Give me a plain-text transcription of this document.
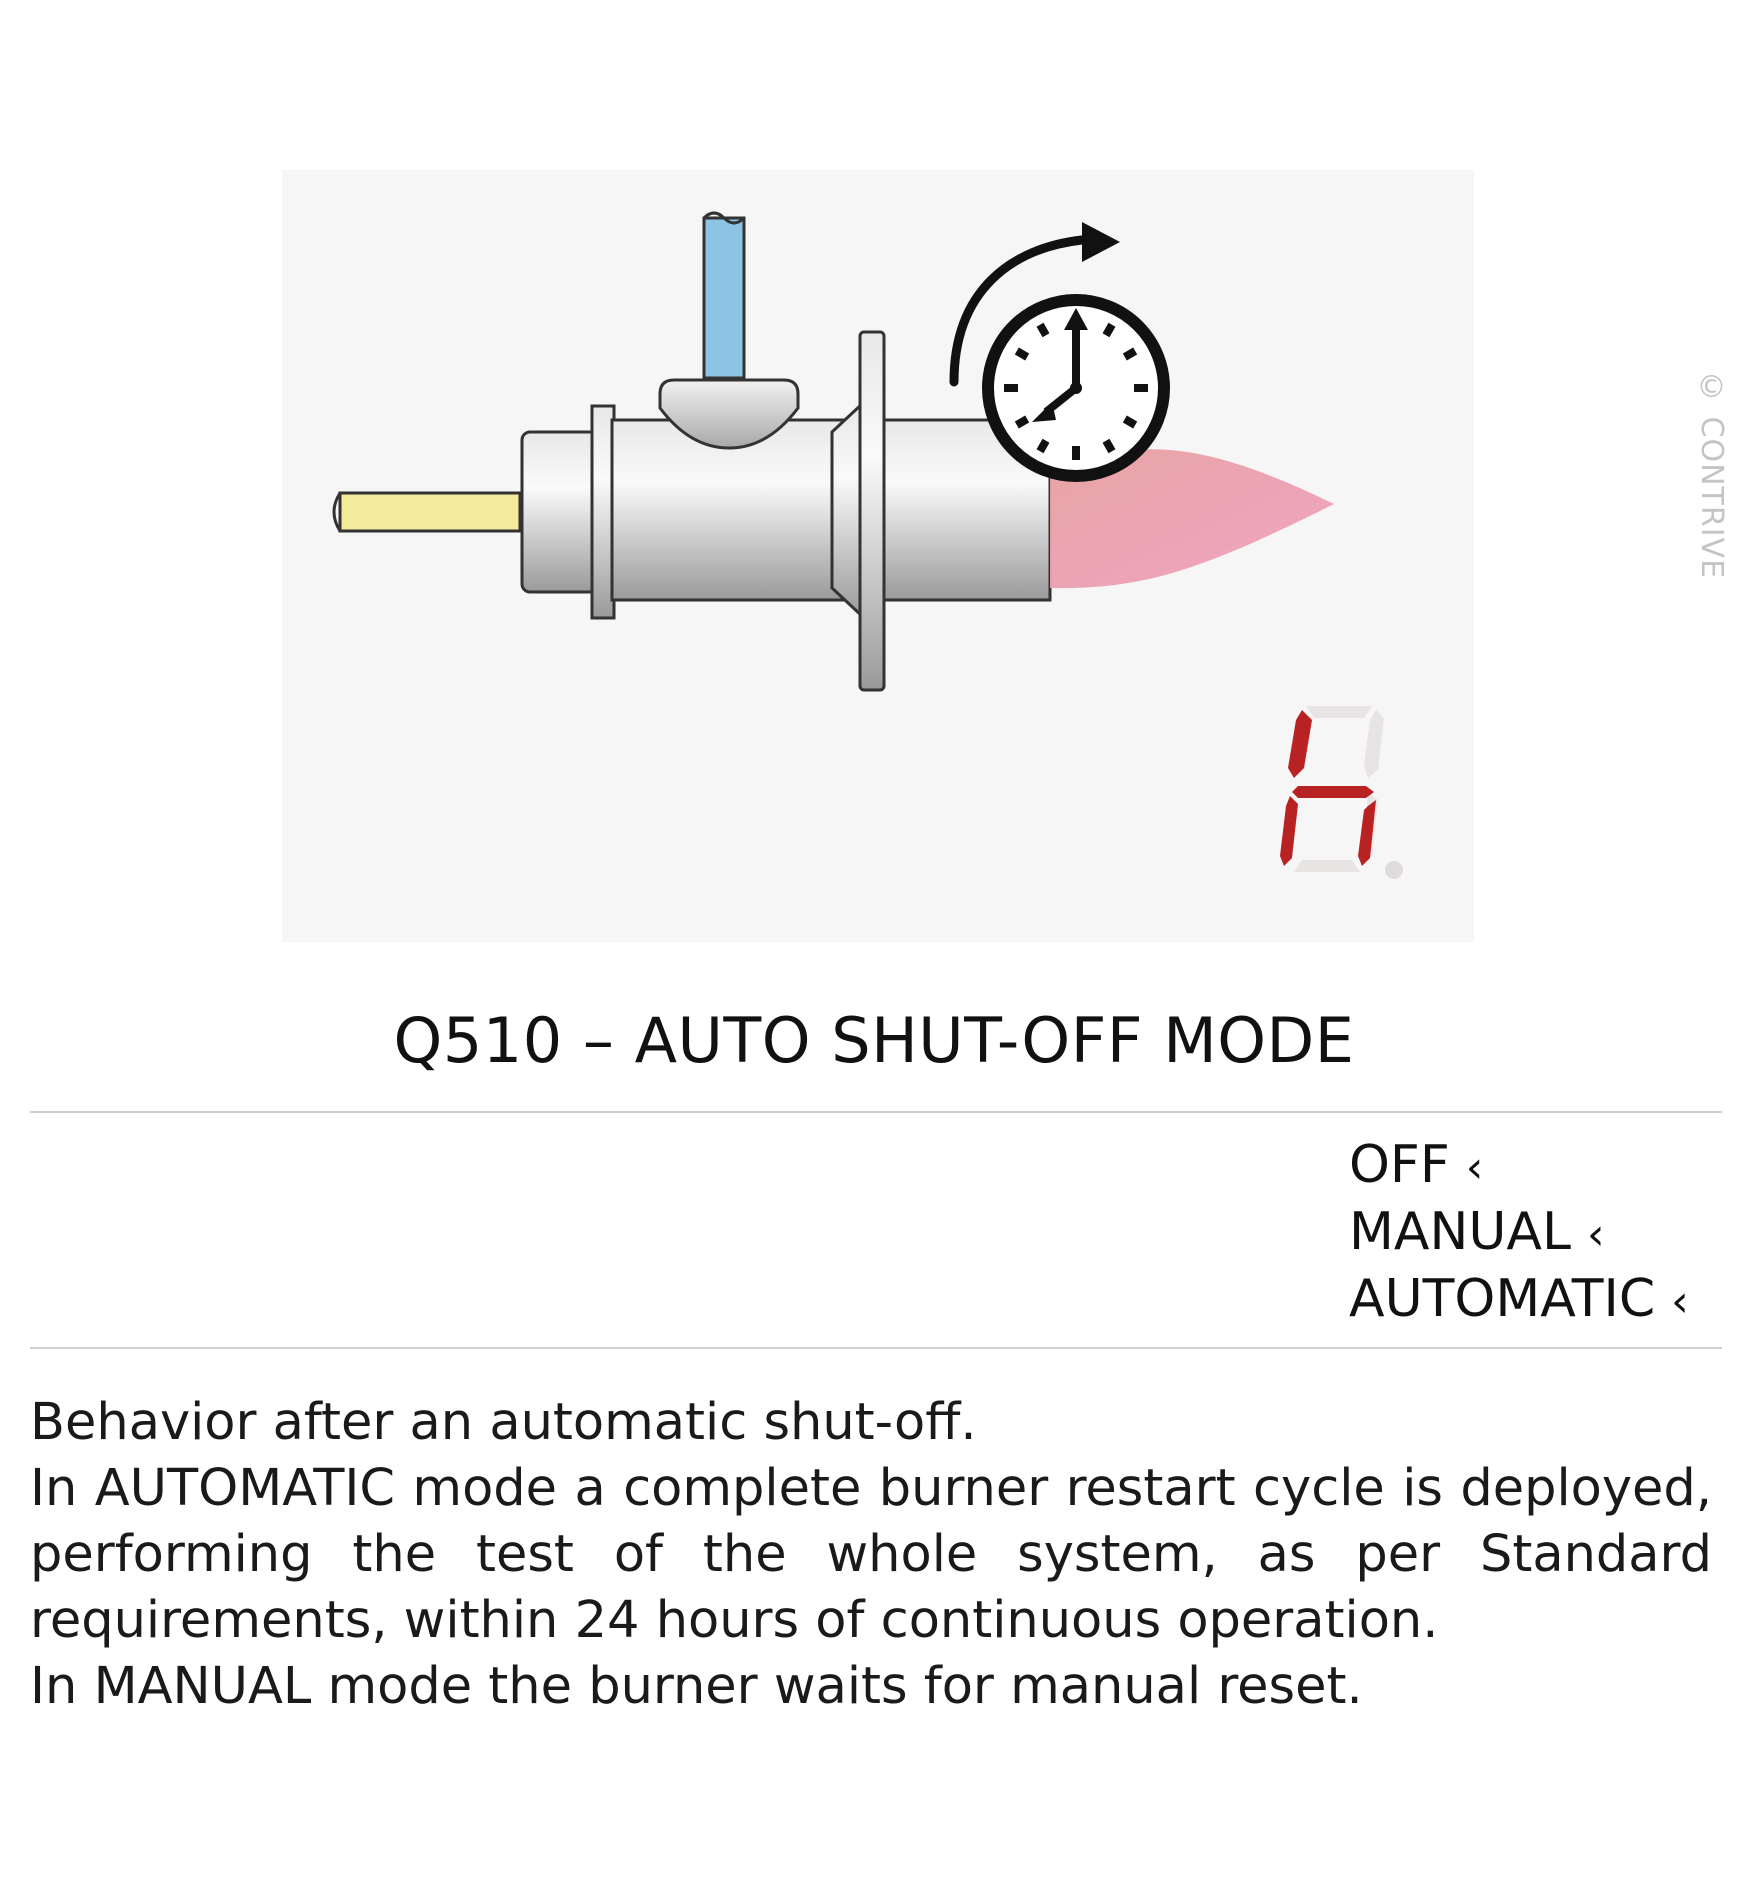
h
© CONTRIVE
Q510 – AUTO SHUT-OFF MODE
OFF ‹
MANUAL ‹
AUTOMATIC ‹

Behavior after an automatic shut-off.

In AUTOMATIC mode a complete burner restart cycle is deployed, performing the test of the whole system, as per Standard requirements, within 24 hours of continuous operation.

In MANUAL mode the burner waits for manual reset.
